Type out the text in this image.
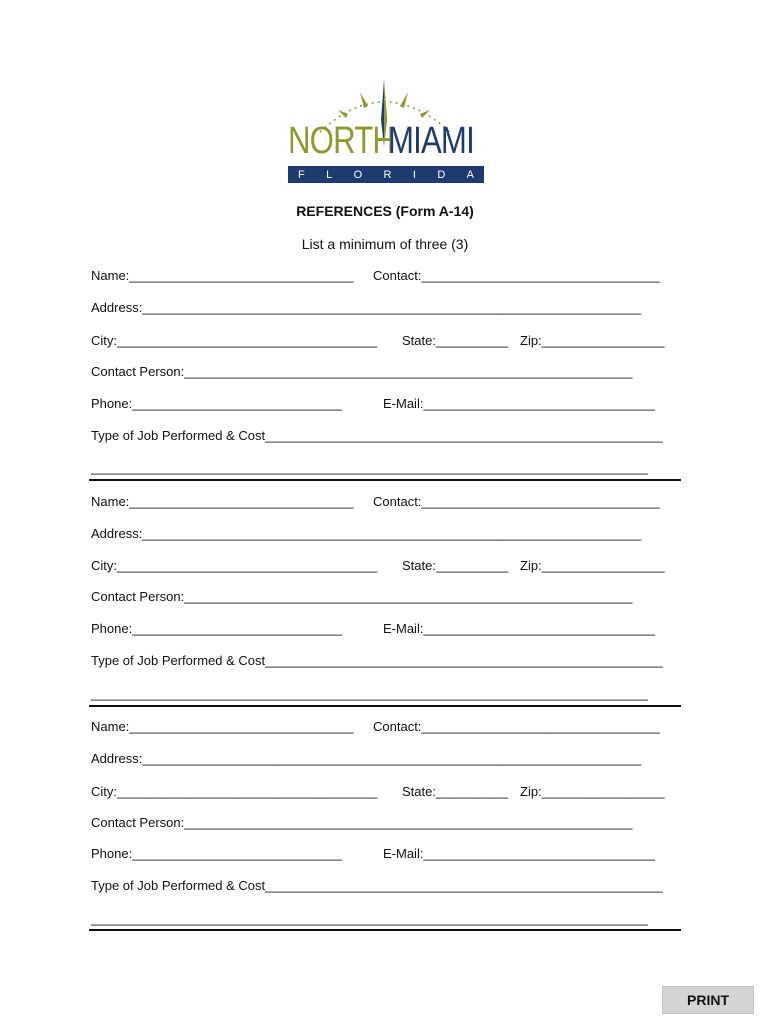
NORTH
MIAMI
F L O R I D A
REFERENCES (Form A-14)
List a minimum of three (3)
Name:_______________________________ Contact:_________________________________
Address:_____________________________________________________________________
City:____________________________________ State:__________ Zip:_________________
Contact Person:______________________________________________________________
Phone:_____________________________	E-Mail:________________________________
Type of Job Performed & Cost_______________________________________________________
_____________________________________________________________________________
Name:_______________________________ Contact:_________________________________
Address:_____________________________________________________________________
City:____________________________________ State:__________ Zip:_________________
Contact Person:______________________________________________________________
Phone:_____________________________	E-Mail:________________________________
Type of Job Performed & Cost_______________________________________________________
_____________________________________________________________________________
Name:_______________________________ Contact:_________________________________
Address:_____________________________________________________________________
City:____________________________________ State:__________ Zip:_________________
Contact Person:______________________________________________________________
Phone:_____________________________	E-Mail:________________________________
Type of Job Performed & Cost_______________________________________________________
_____________________________________________________________________________
PRINT
